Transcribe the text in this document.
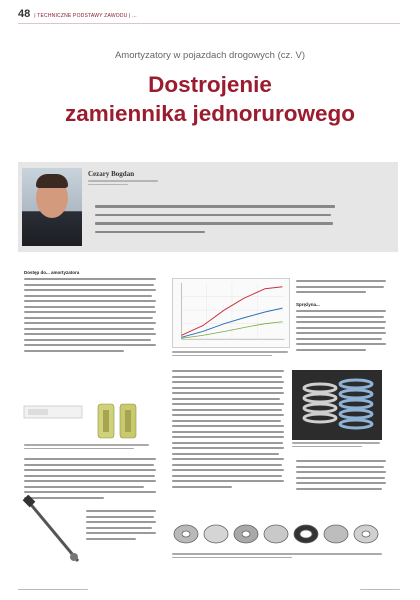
48 | TECHNICZNE PODSTAWY ZAWODU | ...
Amortyzatory w pojazdach drogowych (cz. V)
Dostrojenie
zamiennika jednorurowego
Cezary Bogdan
Dostęp do... amortyzatora
Sprężyna...
